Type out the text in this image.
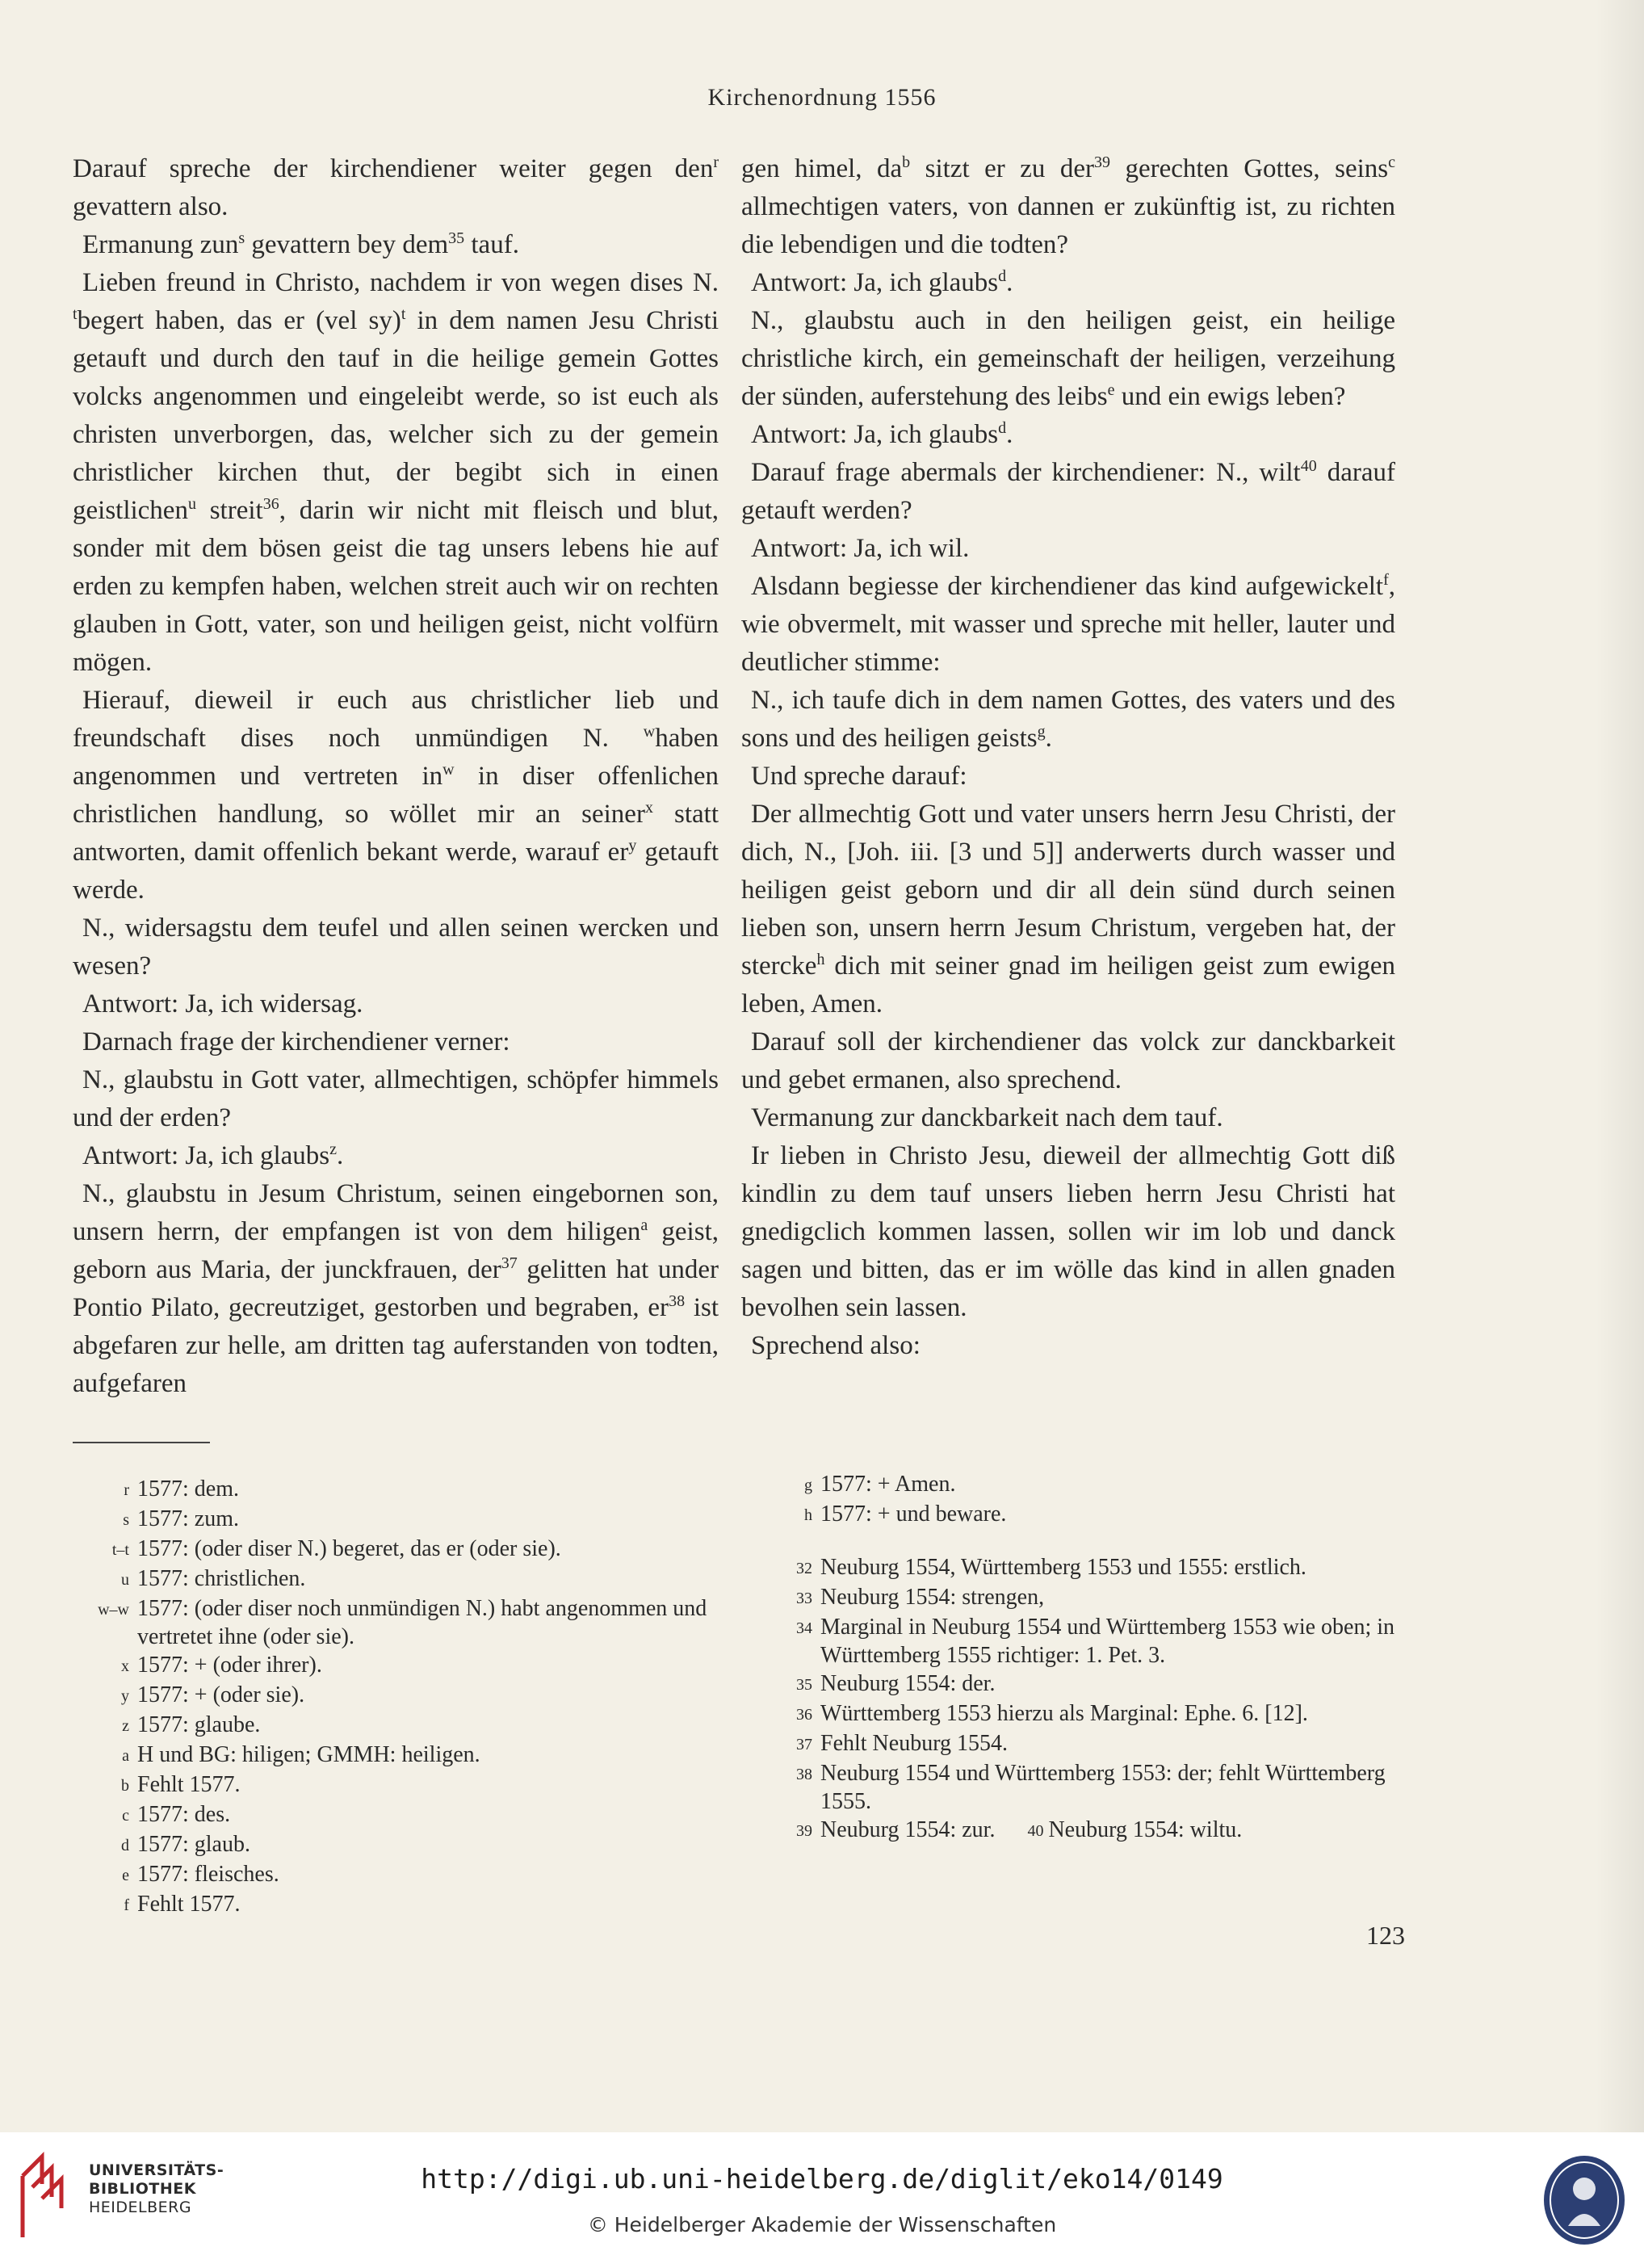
Kirchenordnung 1556

Darauf spreche der kirchendiener weiter gegen den$^r$ gevattern also.

Ermanung zun$^s$ gevattern bey dem$^{35}$ tauf.

Lieben freund in Christo, nachdem ir von wegen dises N. $^t$begert haben, das er (vel sy)$^t$ in dem namen Jesu Christi getauft und durch den tauf in die heilige gemein Gottes volcks angenommen und eingeleibt werde, so ist euch als christen unverborgen, das, welcher sich zu der gemein christlicher kirchen thut, der begibt sich in einen geistlichen$^u$ streit$^{36}$, darin wir nicht mit fleisch und blut, sonder mit dem bösen geist die tag unsers lebens hie auf erden zu kempfen haben, welchen streit auch wir on rechten glauben in Gott, vater, son und heiligen geist, nicht volfürn mögen.

Hierauf, dieweil ir euch aus christlicher lieb und freundschaft dises noch unmündigen N. $^w$haben angenommen und vertreten $in^w$ in diser offenlichen christlichen handlung, so wöllet mir an seiner$^x$ statt antworten, damit offenlich bekant werde, warauf $er^y$ getauft werde.

N., widersagstu dem teufel und allen seinen wercken und wesen?

Antwort: Ja, ich widersag.

Darnach frage der kirchendiener verner:

N., glaubstu in Gott vater, allmechtigen, schöpfer himmels und der erden?

Antwort: Ja, ich glaubs$^z$.

N., glaubstu in Jesum Christum, seinen eingebornen son, unsern herrn, der empfangen ist von dem hiligen$^a$ geist, geborn aus Maria, der junckfrauen, der$^{37}$ gelitten hat under Pontio Pilato, gecreutziget, gestorben und begraben, $er^{38}$ ist abgefaren zur helle, am dritten tag auferstanden von todten, aufgefaren

gen himel, $da^b$ sitzt er zu der$^{39}$ gerechten Gottes, seins$^c$ allmechtigen vaters, von dannen er zukünftig ist, zu richten die lebendigen und die todten?

Antwort: Ja, ich glaubs$^d$.

N., glaubstu auch in den heiligen geist, ein heilige christliche kirch, ein gemeinschaft der heiligen, verzeihung der sünden, auferstehung des leibs$^e$ und ein ewigs leben?

Antwort: Ja, ich glaubs$^d$.

Darauf frage abermals der kirchendiener: N., wilt$^{40}$ darauf getauft werden?

Antwort: Ja, ich wil.

Alsdann begiesse der kirchendiener das kind aufgewickelt$^f$, wie obvermelt, mit wasser und spreche mit heller, lauter und deutlicher stimme:

N., ich taufe dich in dem namen Gottes, des vaters und des sons und des heiligen geists$^g$.

Und spreche darauf:

Der allmechtig Gott und vater unsers herrn Jesu Christi, der dich, N., [Joh. iii. [3 und 5]] anderwerts durch wasser und heiligen geist geborn und dir all dein sünd durch seinen lieben son, unsern herrn Jesum Christum, vergeben hat, der stercke$^h$ dich mit seiner gnad im heiligen geist zum ewigen leben, Amen.

Darauf soll der kirchendiener das volck zur danckbarkeit und gebet ermanen, also sprechend.

Vermanung zur danckbarkeit nach dem tauf.

Ir lieben in Christo Jesu, dieweil der allmechtig Gott diß kindlin zu dem tauf unsers lieben herrn Jesu Christi hat gnedigclich kommen lassen, sollen wir im lob und danck sagen und bitten, das er im wölle das kind in allen gnaden bevolhen sein lassen.

Sprechend also:

r 1577: dem.
s 1577: zum.
t–t 1577: (oder diser N.) begeret, das er (oder sie).
u 1577: christlichen.
w–w 1577: (oder diser noch unmündigen N.) habt angenommen und vertretet ihne (oder sie).
x 1577: + (oder ihrer).
y 1577: + (oder sie).
z 1577: glaube.
a H und BG: hiligen; GMMH: heiligen.
b Fehlt 1577.
c 1577: des.
d 1577: glaub.
e 1577: fleisches.
f Fehlt 1577.
g 1577: + Amen.
h 1577: + und beware.
32 Neuburg 1554, Württemberg 1553 und 1555: erstlich.
33 Neuburg 1554: strengen,
34 Marginal in Neuburg 1554 und Württemberg 1553 wie oben; in Württemberg 1555 richtiger: 1. Pet. 3.
35 Neuburg 1554: der.
36 Württemberg 1553 hierzu als Marginal: Ephe. 6. [12].
37 Fehlt Neuburg 1554.
38 Neuburg 1554 und Württemberg 1553: der; fehlt Württemberg 1555.
39 Neuburg 1554: zur.	40 Neuburg 1554: wiltu.
123
UNIVERSITÄTS-
BIBLIOTHEK
HEIDELBERG
http://digi.ub.uni-heidelberg.de/diglit/eko14/0149
© Heidelberger Akademie der Wissenschaften
